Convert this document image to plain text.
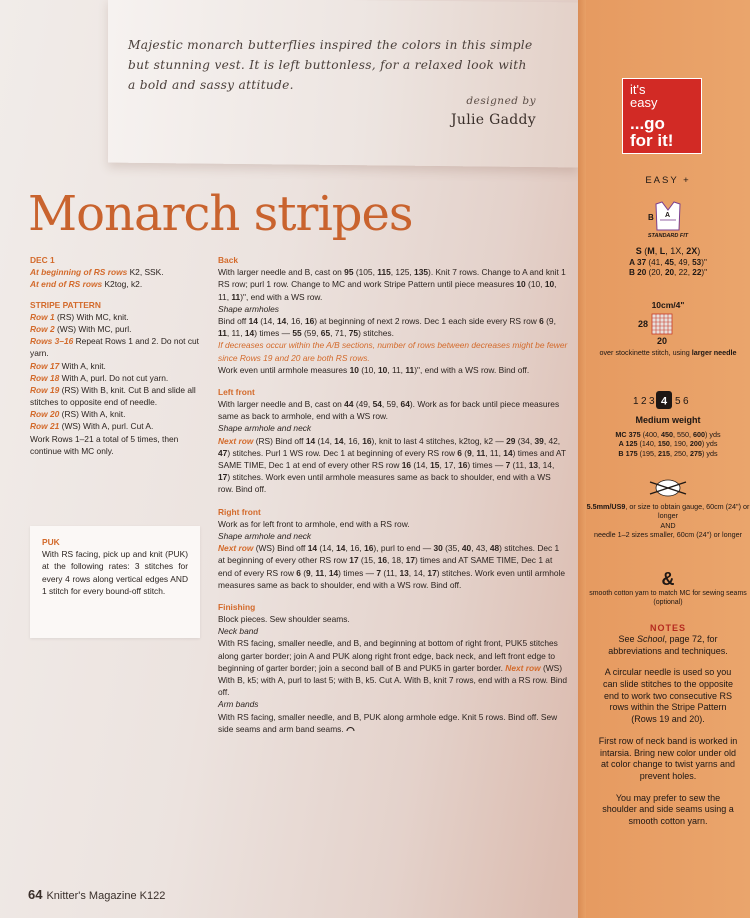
Majestic monarch butterflies inspired the colors in this simple but stunning vest. It is left buttonless, for a relaxed look with a bold and sassy attitude.

designed by
Julie Gaddy
Monarch stripes
DEC 1
At beginning of RS rows K2, SSK.
At end of RS rows K2tog, k2.
STRIPE PATTERN
Row 1 (RS) With MC, knit.
Row 2 (WS) With MC, purl.
Rows 3–16 Repeat Rows 1 and 2. Do not cut yarn.
Row 17 With A, knit.
Row 18 With A, purl. Do not cut yarn.
Row 19 (RS) With B, knit. Cut B and slide all stitches to opposite end of needle.
Row 20 (RS) With A, knit.
Row 21 (WS) With A, purl. Cut A.
Work Rows 1–21 a total of 5 times, then continue with MC only.
PUK

With RS facing, pick up and knit (PUK) at the following rates: 3 stitches for every 4 rows along vertical edges AND 1 stitch for every bound-off stitch.

Back
With larger needle and B, cast on 95 (105, 115, 125, 135). Knit 7 rows. Change to A and knit 1 RS row; purl 1 row. Change to MC and work Stripe Pattern until piece measures 10 (10, 10, 11, 11)", end with a WS row.
Shape armholes
Bind off 14 (14, 14, 16, 16) at beginning of next 2 rows. Dec 1 each side every RS row 6 (9, 11, 11, 14) times — 55 (59, 65, 71, 75) stitches.
If decreases occur within the A/B sections, number of rows between decreases might be fewer since Rows 19 and 20 are both RS rows.
Work even until armhole measures 10 (10, 10, 11, 11)", end with a WS row. Bind off.
Left front
With larger needle and B, cast on 44 (49, 54, 59, 64). Work as for back until piece measures same as back to armhole, end with a WS row.
Shape armhole and neck
Next row (RS) Bind off 14 (14, 14, 16, 16), knit to last 4 stitches, k2tog, k2 — 29 (34, 39, 42, 47) stitches. Purl 1 WS row. Dec 1 at beginning of every RS row 6 (9, 11, 11, 14) times and AT SAME TIME, Dec 1 at end of every other RS row 16 (14, 15, 17, 16) times — 7 (11, 13, 14, 17) stitches. Work even until armhole measures same as back to shoulder, end with a WS row. Bind off.
Right front
Work as for left front to armhole, end with a RS row.
Shape armhole and neck
Next row (WS) Bind off 14 (14, 14, 16, 16), purl to end — 30 (35, 40, 43, 48) stitches. Dec 1 at beginning of every other RS row 17 (15, 16, 18, 17) times and AT SAME TIME, Dec 1 at end of every RS row 6 (9, 11, 14) times — 7 (11, 13, 14, 17) stitches. Work even until armhole measures same as back to shoulder, end with a WS row. Bind off.
Finishing
Block pieces. Sew shoulder seams.
Neck band
With RS facing, smaller needle, and B, and beginning at bottom of right front, PUK5 stitches along garter border; join A and PUK along right front edge, back neck, and left front edge to beginning of garter border; join a second ball of B and PUK5 in garter border. Next row (WS) With B, k5; with A, purl to last 5; with B, k5. Cut A. With B, knit 7 rows, end with a RS row. Bind off.
Arm bands
With RS facing, smaller needle, and B, PUK along armhole edge. Knit 5 rows. Bind off. Sew side seams and arm band seams.
64 Knitter's Magazine K122
it's
easy
...go
for it!
EASY +
B A
STANDARD FIT
S (M, L, 1X, 2X)
A 37 (41, 45, 49, 53)"
B 20 (20, 20, 22, 22)"
10cm/4"
28
20
over stockinette stitch, using larger needle
1 2 3 4 5 6
Medium weight
MC 375 (400, 450, 550, 600) yds
A 125 (140, 150, 190, 200) yds
B 175 (195, 215, 250, 275) yds
5.5mm/US9, or size to obtain gauge, 60cm (24") or longer
AND
needle 1–2 sizes smaller, 60cm (24") or longer
&
smooth cotton yarn to match MC for sewing seams (optional)
NOTES

See School, page 72, for abbreviations and techniques.

A circular needle is used so you can slide stitches to the opposite end to work two consecutive RS rows within the Stripe Pattern (Rows 19 and 20).

First row of neck band is worked in intarsia. Bring new color under old at color change to twist yarns and prevent holes.

You may prefer to sew the shoulder and side seams using a smooth cotton yarn.
